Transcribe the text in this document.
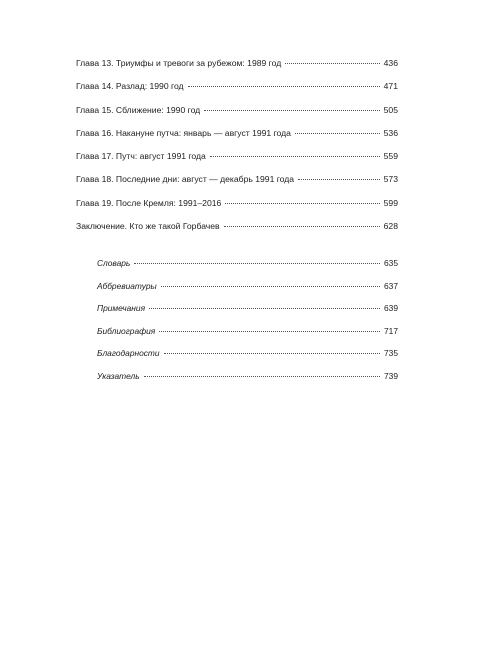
Глава 13. Триумфы и тревоги за рубежом: 1989 год	436
Глава 14. Разлад: 1990 год	471
Глава 15. Сближение: 1990 год	505
Глава 16. Накануне путча: январь — август 1991 года	536
Глава 17. Путч: август 1991 года	559
Глава 18. Последние дни: август — декабрь 1991 года	573
Глава 19. После Кремля: 1991–2016	599
Заключение. Кто же такой Горбачев	628
Словарь	635
Аббревиатуры	637
Примечания	639
Библиография	717
Благодарности	735
Указатель	739
